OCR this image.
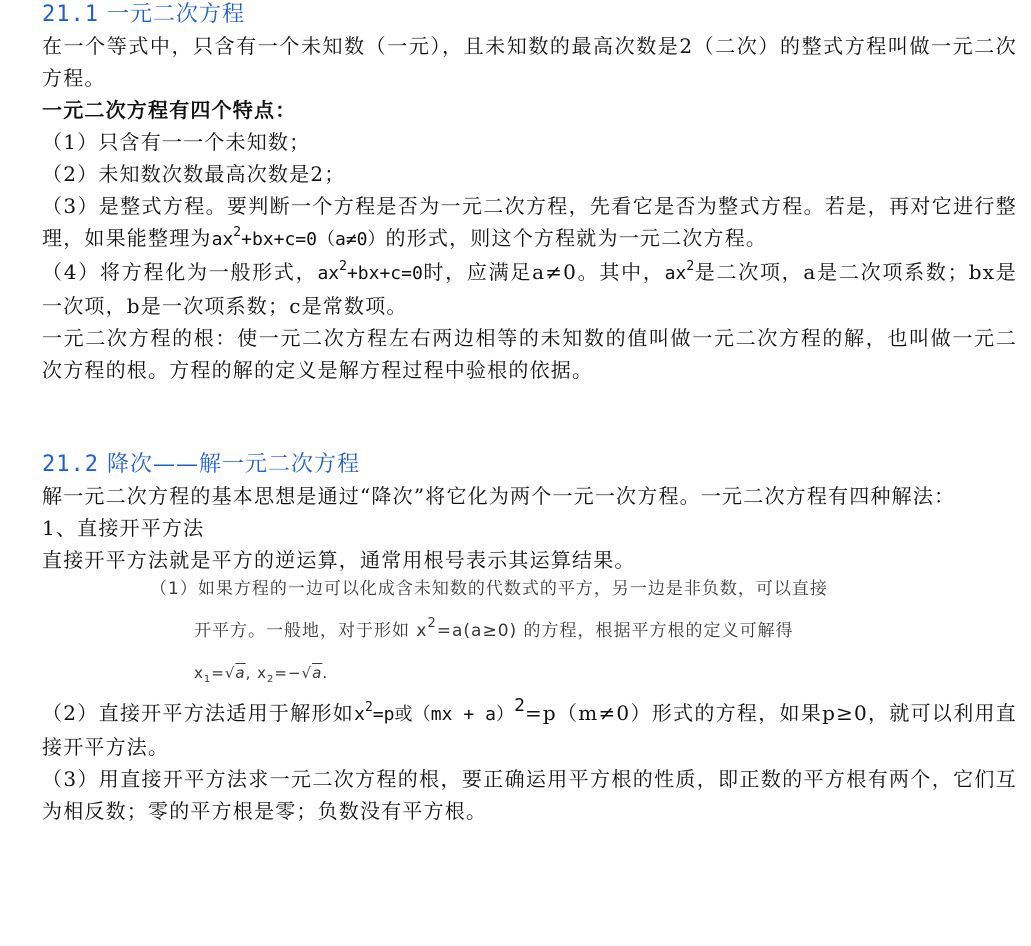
21.1 一元二次方程

在一个等式中，只含有一个未知数（一元），且未知数的最高次数是2（二次）的整式方程叫做一元二次方程。

一元二次方程有四个特点：

（1）只含有一一个未知数；

（2）未知数次数最高次数是2；

（3）是整式方程。要判断一个方程是否为一元二次方程，先看它是否为整式方程。若是，再对它进行整理，如果能整理为$ax^2+bx+c=0(a\ne 0)$的形式，则这个方程就为一元二次方程。

（4）将方程化为一般形式，$ax^2+bx+c=0$时，应满足a≠0。其中，$ax^2$是二次项，a是二次项系数；bx是一次项，b是一次项系数；c是常数项。

一元二次方程的根：使一元二次方程左右两边相等的未知数的值叫做一元二次方程的解，也叫做一元二次方程的根。方程的解的定义是解方程过程中验根的依据。

21.2 降次——解一元二次方程

解一元二次方程的基本思想是通过“降次”将它化为两个一元一次方程。一元二次方程有四种解法：

1、直接开平方法

直接开平方法就是平方的逆运算，通常用根号表示其运算结果。

（1）如果方程的一边可以化成含未知数的代数式的平方，另一边是非负数，可以直接
开平方。一般地，对于形如 $x^2=a(a\ge 0)$ 的方程，根据平方根的定义可解得
$x_1=√a$, $x_2=-√a$.

（2）直接开平方法适用于解形如$x^2=p$或（mx + a）$^2$=p（m≠0）形式的方程，如果p≥0，就可以利用直接开平方法。

（3）用直接开平方法求一元二次方程的根，要正确运用平方根的性质，即正数的平方根有两个，它们互为相反数；零的平方根是零；负数没有平方根。
